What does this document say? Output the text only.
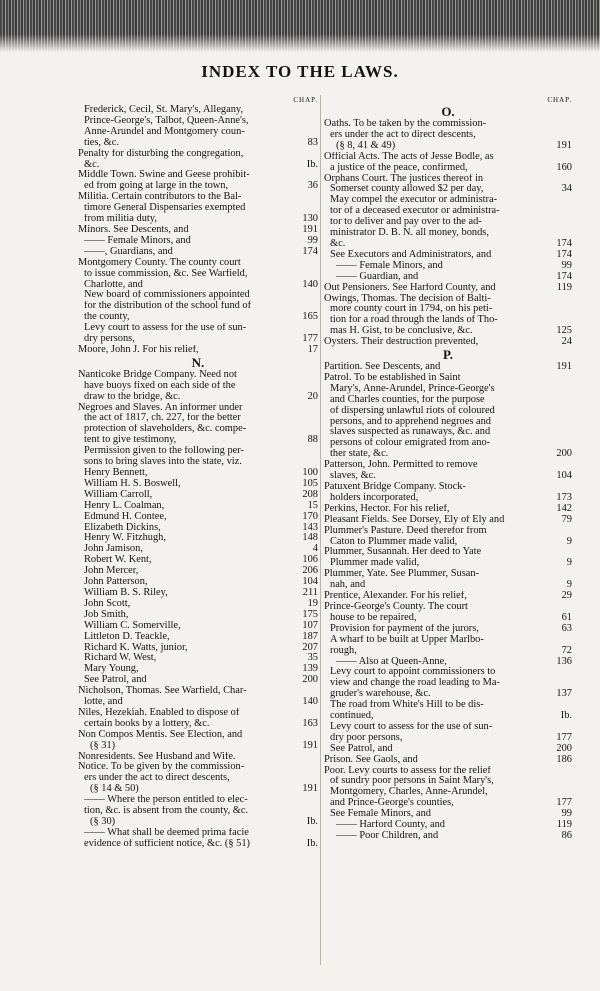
INDEX TO THE LAWS.
CHAP.
Frederick, Cecil, St. Mary's, Allegany,
Prince-George's, Talbot, Queen-Anne's,
Anne-Arundel and Montgomery coun-
ties, &c.	83
Penalty for disturbing the congregation,
&c.	Ib.
Middle Town. Swine and Geese prohibit-
ed from going at large in the town,	36
Militia. Certain contributors to the Bal-
timore General Dispensaries exempted
from militia duty,	130
Minors. See Descents, and	191
—— Female Minors, and	99
——, Guardians, and	174
Montgomery County. The county court
to issue commission, &c. See Warfield,
Charlotte, and	140
New board of commissioners appointed
for the distribution of the school fund of
the county,	165
Levy court to assess for the use of sun-
dry persons,	177
Moore, John J. For his relief,	17
N.
Nanticoke Bridge Company. Need not
have buoys fixed on each side of the
draw to the bridge, &c.	20
Negroes and Slaves. An informer under
the act of 1817, ch. 227, for the better
protection of slaveholders, &c. compe-
tent to give testimony,	88
Permission given to the following per-
sons to bring slaves into the state, viz.
Henry Bennett,	100
William H. S. Boswell,	105
William Carroll,	208
Henry L. Coalman,	15
Edmund H. Contee,	170
Elizabeth Dickins,	143
Henry W. Fitzhugh,	148
John Jamison,	4
Robert W. Kent,	106
John Mercer,	206
John Patterson,	104
William B. S. Riley,	211
John Scott,	19
Job Smith,	175
William C. Somerville,	107
Littleton D. Teackle,	187
Richard K. Watts, junior,	207
Richard W. West,	35
Mary Young,	139
See Patrol, and	200
Nicholson, Thomas. See Warfield, Char-
lotte, and	140
Niles, Hezekiah. Enabled to dispose of
certain books by a lottery, &c.	163
Non Compos Mentis. See Election, and
(§ 31)	191
Nonresidents. See Husband and Wife.
Notice. To be given by the commission-
ers under the act to direct descents,
(§ 14 & 50)	191
—— Where the person entitled to elec-
tion, &c. is absent from the county, &c.
(§ 30)	Ib.
—— What shall be deemed prima facie
evidence of sufficient notice, &c. (§ 51)	Ib.
CHAP.
O.
Oaths. To be taken by the commission-
ers under the act to direct descents,
(§ 8, 41 & 49)	191
Official Acts. The acts of Jesse Bodle, as
a justice of the peace, confirmed,	160
Orphans Court. The justices thereof in
Somerset county allowed $2 per day,	34
May compel the executor or administra-
tor of a deceased executor or administra-
tor to deliver and pay over to the ad-
ministrator D. B. N. all money, bonds,
&c.	174
See Executors and Administrators, and	174
—— Female Minors, and	99
—— Guardian, and	174
Out Pensioners. See Harford County, and	119
Owings, Thomas. The decision of Balti-
more county court in 1794, on his peti-
tion for a road through the lands of Tho-
mas H. Gist, to be conclusive, &c.	125
Oysters. Their destruction prevented,	24
P.
Partition. See Descents, and	191
Patrol. To be established in Saint
Mary's, Anne-Arundel, Prince-George's
and Charles counties, for the purpose
of dispersing unlawful riots of coloured
persons, and to apprehend negroes and
slaves suspected as runaways, &c. and
persons of colour emigrated from ano-
ther state, &c.	200
Patterson, John. Permitted to remove
slaves, &c.	104
Patuxent Bridge Company. Stock-
holders incorporated,	173
Perkins, Hector. For his relief,	142
Pleasant Fields. See Dorsey, Ely of Ely and	79
Plummer's Pasture. Deed therefor from
Caton to Plummer made valid,	9
Plummer, Susannah. Her deed to Yate
Plummer made valid,	9
Plummer, Yate. See Plummer, Susan-
nah, and	9
Prentice, Alexander. For his relief,	29
Prince-George's County. The court
house to be repaired,	61
Provision for payment of the jurors,	63
A wharf to be built at Upper Marlbo-
rough,	72
—— Also at Queen-Anne,	136
Levy court to appoint commissioners to
view and change the road leading to Ma-
gruder's warehouse, &c.	137
The road from White's Hill to be dis-
continued,	Ib.
Levy court to assess for the use of sun-
dry poor persons,	177
See Patrol, and	200
Prison. See Gaols, and	186
Poor. Levy courts to assess for the relief
of sundry poor persons in Saint Mary's,
Montgomery, Charles, Anne-Arundel,
and Prince-George's counties,	177
See Female Minors, and	99
—— Harford County, and	119
—— Poor Children, and	86
